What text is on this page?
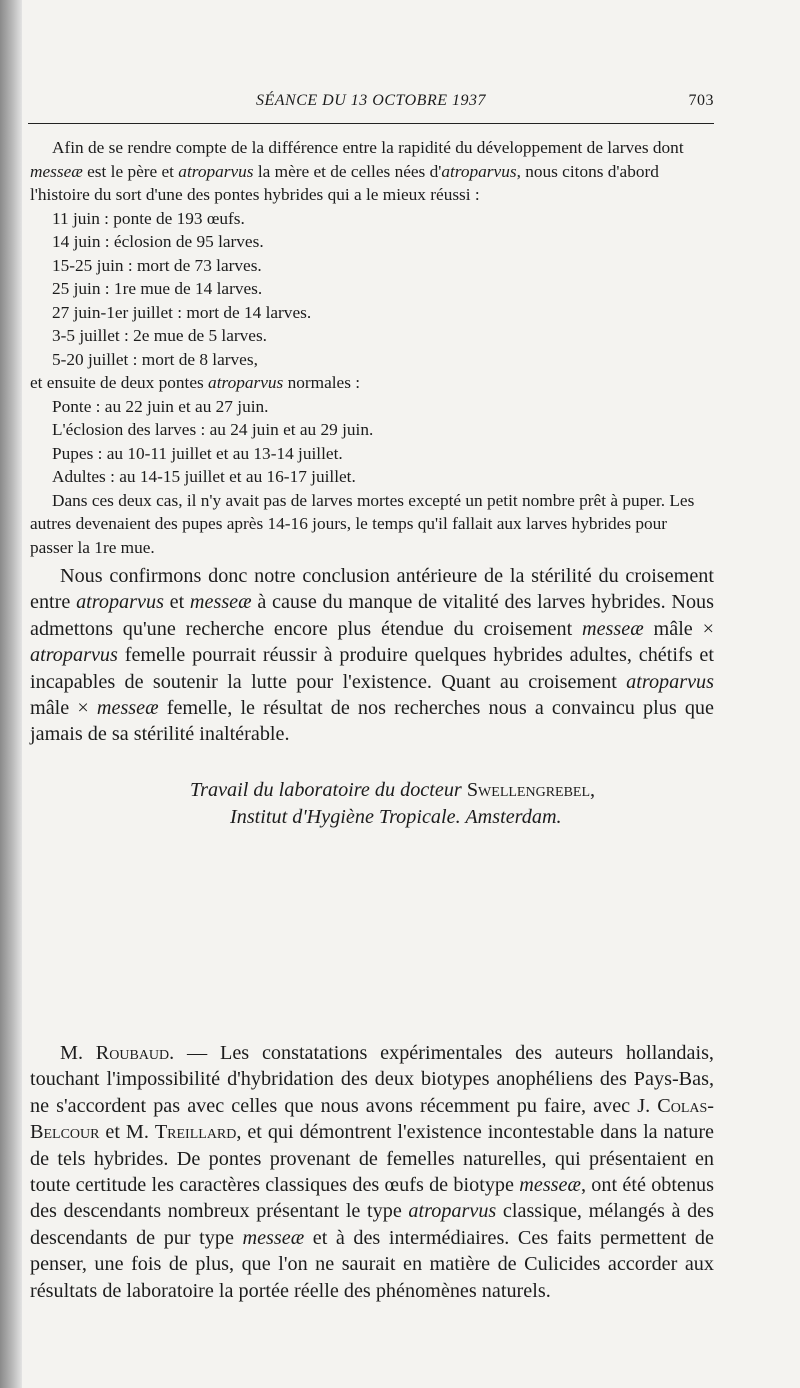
SÉANCE DU 13 OCTOBRE 1937	703

Afin de se rendre compte de la différence entre la rapidité du développement de larves dont messeæ est le père et atroparvus la mère et de celles nées d'atroparvus, nous citons d'abord l'histoire du sort d'une des pontes hybrides qui a le mieux réussi :

11 juin : ponte de 193 œufs.

14 juin : éclosion de 95 larves.

15-25 juin : mort de 73 larves.

25 juin : 1re mue de 14 larves.

27 juin-1er juillet : mort de 14 larves.

3-5 juillet : 2e mue de 5 larves.

5-20 juillet : mort de 8 larves,

et ensuite de deux pontes atroparvus normales :

Ponte : au 22 juin et au 27 juin.

L'éclosion des larves : au 24 juin et au 29 juin.

Pupes : au 10-11 juillet et au 13-14 juillet.

Adultes : au 14-15 juillet et au 16-17 juillet.

Dans ces deux cas, il n'y avait pas de larves mortes excepté un petit nombre prêt à puper. Les autres devenaient des pupes après 14-16 jours, le temps qu'il fallait aux larves hybrides pour passer la 1re mue.

Nous confirmons donc notre conclusion antérieure de la stérilité du croisement entre atroparvus et messeæ à cause du manque de vitalité des larves hybrides. Nous admettons qu'une recherche encore plus étendue du croisement messeæ mâle × atroparvus femelle pourrait réussir à produire quelques hybrides adultes, chétifs et incapables de soutenir la lutte pour l'existence. Quant au croisement atroparvus mâle × messeæ femelle, le résultat de nos recherches nous a convaincu plus que jamais de sa stérilité inaltérable.

Travail du laboratoire du docteur Swellengrebel,
Institut d'Hygiène Tropicale. Amsterdam.

M. Roubaud. — Les constatations expérimentales des auteurs hollandais, touchant l'impossibilité d'hybridation des deux biotypes anophéliens des Pays-Bas, ne s'accordent pas avec celles que nous avons récemment pu faire, avec J. Colas-Belcour et M. Treillard, et qui démontrent l'existence incontestable dans la nature de tels hybrides. De pontes provenant de femelles naturelles, qui présentaient en toute certitude les caractères classiques des œufs de biotype messeæ, ont été obtenus des descendants nombreux présentant le type atroparvus classique, mélangés à des descendants de pur type messeæ et à des intermédiaires. Ces faits permettent de penser, une fois de plus, que l'on ne saurait en matière de Culicides accorder aux résultats de laboratoire la portée réelle des phénomènes naturels.
